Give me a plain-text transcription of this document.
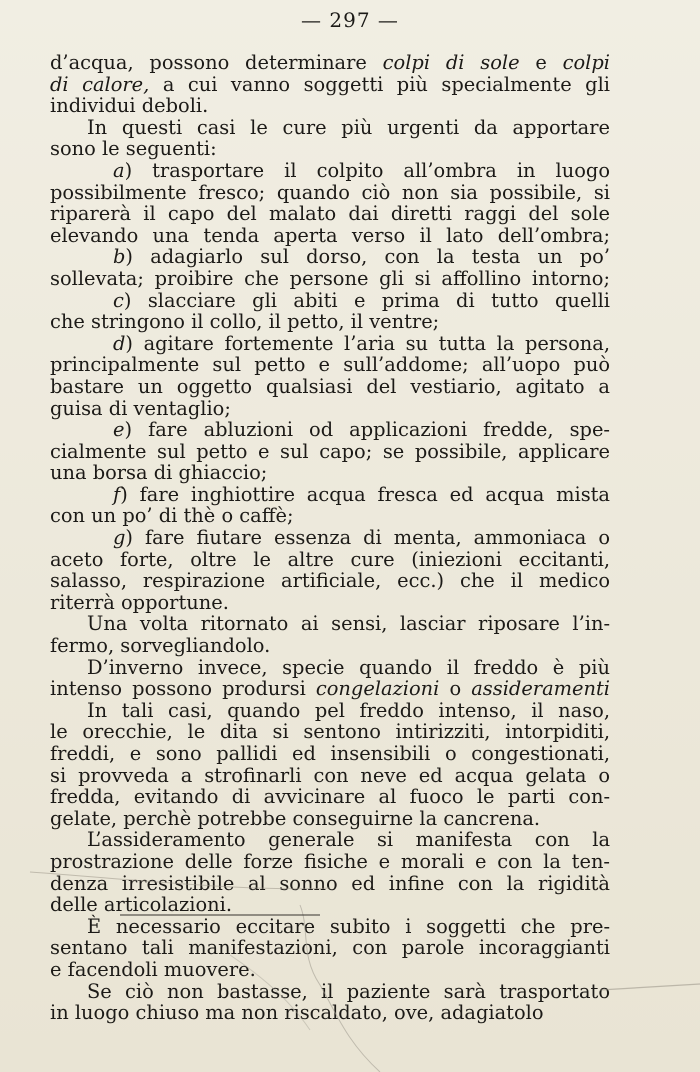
— 297 —
d’acqua, possono determinare colpi di sole e colpi
di calore, a cui vanno soggetti più specialmente gli
individui deboli.
In questi casi le cure più urgenti da apportare
sono le seguenti:
a) trasportare il colpito all’ombra in luogo
possibilmente fresco; quando ciò non sia possibile, si
riparerà il capo del malato dai diretti raggi del sole
elevando una tenda aperta verso il lato dell’ombra;
b) adagiarlo sul dorso, con la testa un po’
sollevata; proibire che persone gli si affollino intorno;
c) slacciare gli abiti e prima di tutto quelli
che stringono il collo, il petto, il ventre;
d) agitare fortemente l’aria su tutta la persona,
principalmente sul petto e sull’addome; all’uopo può
bastare un oggetto qualsiasi del vestiario, agitato a
guisa di ventaglio;
e) fare abluzioni od applicazioni fredde, spe-
cialmente sul petto e sul capo; se possibile, applicare
una borsa di ghiaccio;
f) fare inghiottire acqua fresca ed acqua mista
con un po’ di thè o caffè;
g) fare fiutare essenza di menta, ammoniaca o
aceto forte, oltre le altre cure (iniezioni eccitanti,
salasso, respirazione artificiale, ecc.) che il medico
riterrà opportune.
Una volta ritornato ai sensi, lasciar riposare l’in-
fermo, sorvegliandolo.
D’inverno invece, specie quando il freddo è più
intenso possono prodursi congelazioni o assideramenti
In tali casi, quando pel freddo intenso, il naso,
le orecchie, le dita si sentono intirizziti, intorpiditi,
freddi, e sono pallidi ed insensibili o congestionati,
si provveda a strofinarli con neve ed acqua gelata o
fredda, evitando di avvicinare al fuoco le parti con-
gelate, perchè potrebbe conseguirne la cancrena.
L’assideramento generale si manifesta con la
prostrazione delle forze fisiche e morali e con la ten-
denza irresistibile al sonno ed infine con la rigidità
delle articolazioni.
È necessario eccitare subito i soggetti che pre-
sentano tali manifestazioni, con parole incoraggianti
e facendoli muovere.
Se ciò non bastasse, il paziente sarà trasportato
in luogo chiuso ma non riscaldato, ove, adagiatolo
